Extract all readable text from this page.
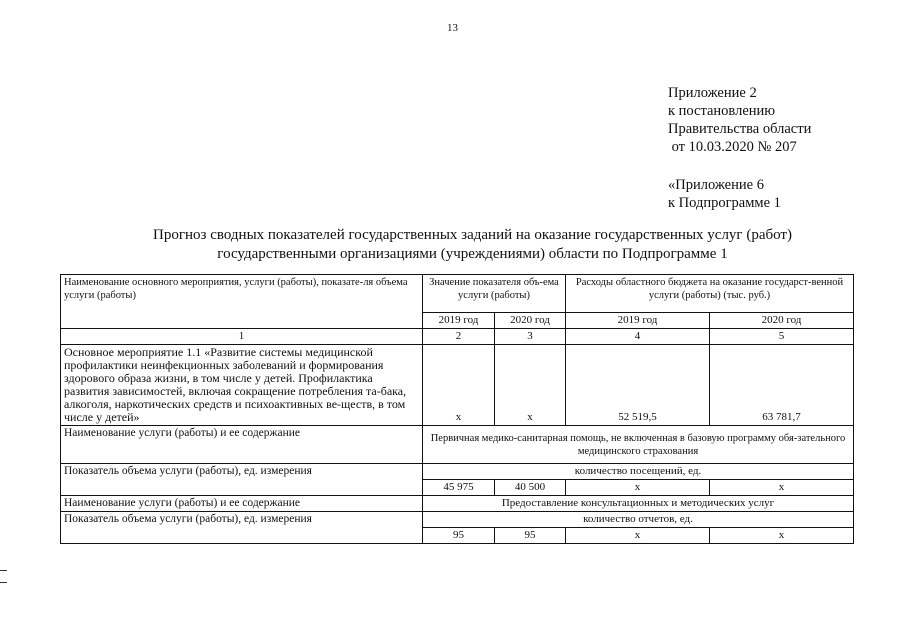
13
Приложение 2
к постановлению
Правительства области
от 10.03.2020 № 207
«Приложение 6
к Подпрограмме 1
Прогноз сводных показателей государственных заданий на оказание государственных услуг (работ)
государственными организациями (учреждениями) области по Подпрограмме 1
Наименование основного мероприятия, услуги (работы), показате-ля объема услуги (работы)	Значение показателя объ-ема услуги (работы)		Расходы областного бюджета на оказание государст-венной услуги (работы) (тыс. руб.)	
	2019 год	2020 год	2019 год	2020 год
1	2	3	4	5
Основное мероприятие 1.1 «Развитие системы медицинской профилактики неинфекционных заболеваний и формирования здорового образа жизни, в том числе у детей. Профилактика развития зависимостей, включая сокращение потребления та-бака, алкоголя, наркотических средств и психоактивных ве-ществ, в том числе у детей»	х	х	52 519,5	63 781,7
Наименование услуги (работы) и ее содержание	Первичная медико-санитарная помощь, не включенная в базовую программу обя-зательного медицинского страхования			
Показатель объема услуги (работы), ед. измерения	количество посещений, ед.			
	45 975	40 500	х	х
Наименование услуги (работы) и ее содержание	Предоставление консультационных и методических услуг			
Показатель объема услуги (работы), ед. измерения	количество отчетов, ед.			
	95	95	х	х
